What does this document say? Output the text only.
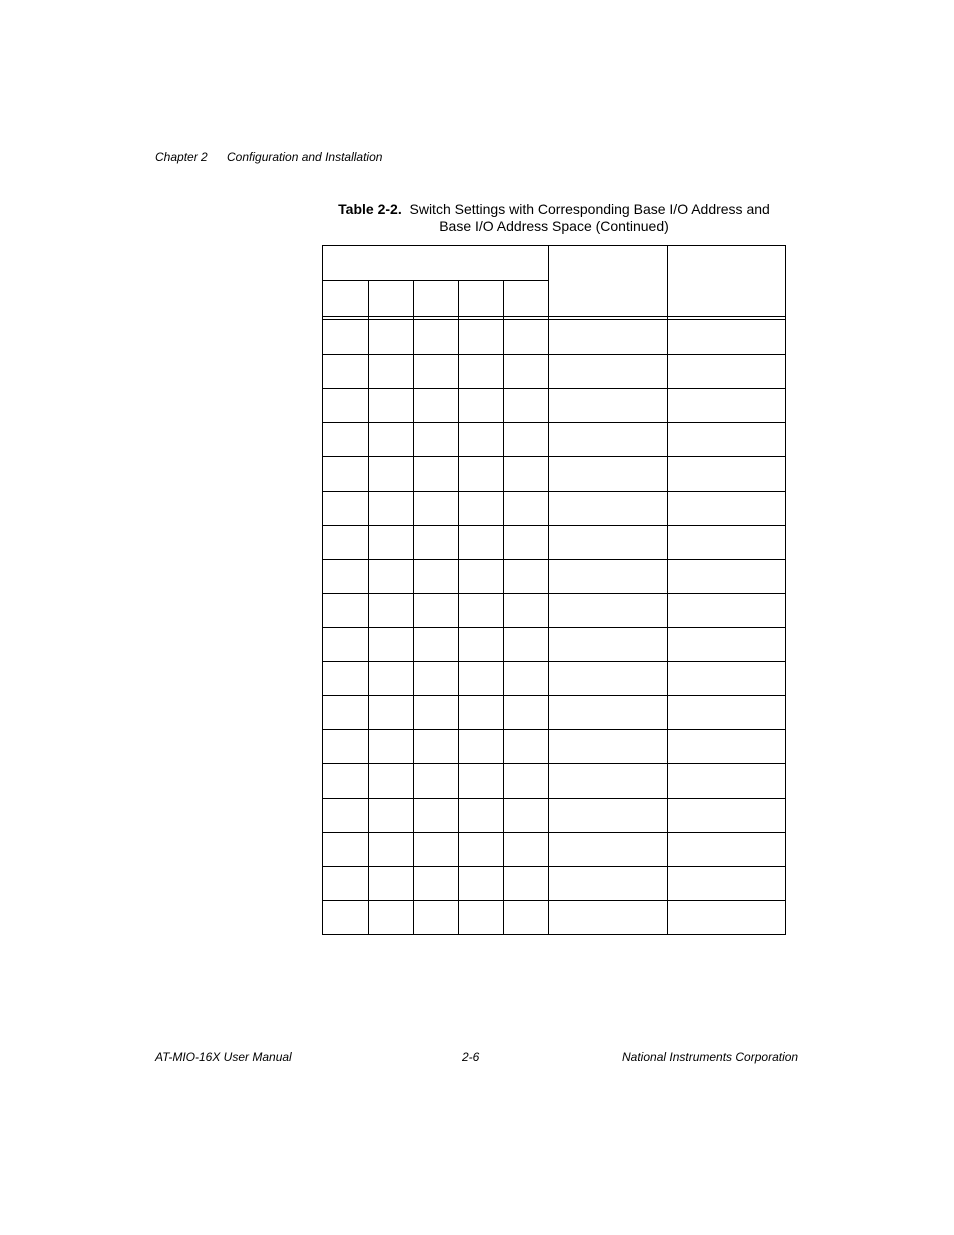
Chapter 2 Configuration and Installation
Table 2-2. Switch Settings with Corresponding Base I/O Address and
Base I/O Address Space (Continued)
AT-MIO-16X User Manual	2-6	National Instruments Corporation
